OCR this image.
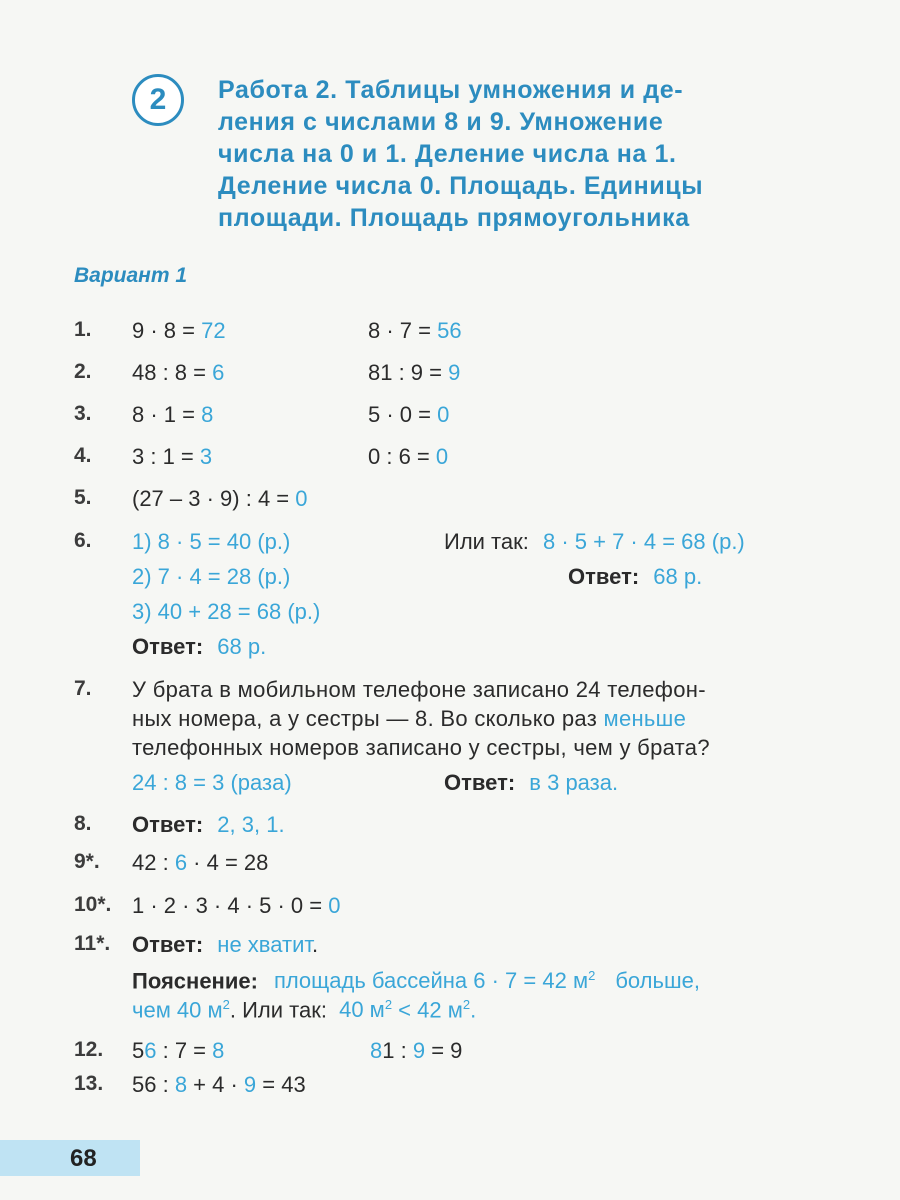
2	Работа 2. Таблицы умножения и де-
ления с числами 8 и 9. Умножение
числа на 0 и 1. Деление числа на 1.
Деление числа 0. Площадь. Единицы
площади. Площадь прямоугольника
Вариант 1
1. 9 · 8 = 72	8 · 7 = 56
2. 48 : 8 = 6	81 : 9 = 9
3. 8 · 1 = 8	5 · 0 = 0
4. 3 : 1 = 3	0 : 6 = 0
5. (27 – 3 · 9) : 4 = 0
6. 1) 8 · 5 = 40 (р.)
2) 7 · 4 = 28 (р.)
3) 40 + 28 = 68 (р.)
Ответ: 68 р.
Или так: 8 · 5 + 7 · 4 = 68 (р.)
Ответ: 68 р.
7. У брата в мобильном телефоне записано 24 телефон-
ных номера, а у сестры — 8. Во сколько раз меньше
телефонных номеров записано у сестры, чем у брата?
24 : 8 = 3 (раза)	Ответ: в 3 раза.
8. Ответ: 2, 3, 1.
9*. 42 : 6 · 4 = 28
10*. 1 · 2 · 3 · 4 · 5 · 0 = 0
11*. Ответ: не хватит.
Пояснение: площадь бассейна 6 · 7 = 42 $м^2$ больше,
чем 40 $м^2$. Или так: 40 $м^2 < 42$ $м^2$.
12. 56 : 7 = 8	81 : 9 = 9
13. 56 : 8 + 4 · 9 = 43
68
